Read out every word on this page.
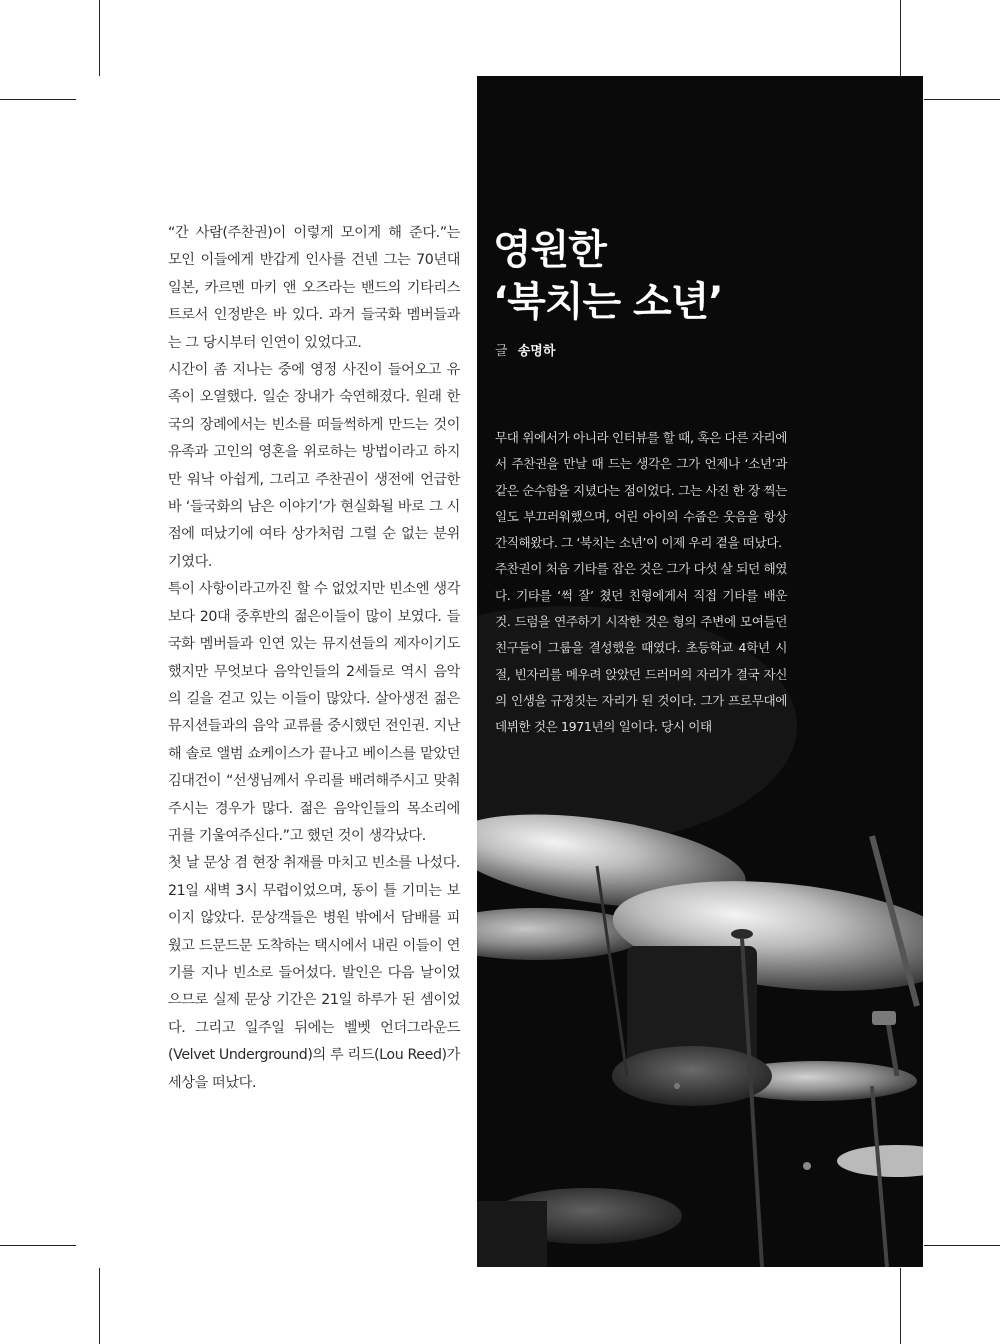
“간 사람(주찬권)이 이렇게 모이게 해 준다.”는 모인 이들에게 반갑게 인사를 건넨 그는 70년대 일본, 카르멘 마키 앤 오즈라는 밴드의 기타리스트로서 인정받은 바 있다. 과거 들국화 멤버들과는 그 당시부터 인연이 있었다고.

시간이 좀 지나는 중에 영정 사진이 들어오고 유족이 오열했다. 일순 장내가 숙연해졌다. 원래 한국의 장례에서는 빈소를 떠들썩하게 만드는 것이 유족과 고인의 영혼을 위로하는 방법이라고 하지만 워낙 아쉽게, 그리고 주찬권이 생전에 언급한 바 ‘들국화의 남은 이야기’가 현실화될 바로 그 시점에 떠났기에 여타 상가처럼 그럴 순 없는 분위기였다.

특이 사항이라고까진 할 수 없었지만 빈소엔 생각보다 20대 중후반의 젊은이들이 많이 보였다. 들국화 멤버들과 인연 있는 뮤지션들의 제자이기도 했지만 무엇보다 음악인들의 2세들로 역시 음악의 길을 걷고 있는 이들이 많았다. 살아생전 젊은 뮤지션들과의 음악 교류를 중시했던 전인권. 지난 해 솔로 앨범 쇼케이스가 끝나고 베이스를 맡았던 김대건이 “선생님께서 우리를 배려해주시고 맞춰주시는 경우가 많다. 젊은 음악인들의 목소리에 귀를 기울여주신다.”고 했던 것이 생각났다.

첫 날 문상 겸 현장 취재를 마치고 빈소를 나섰다. 21일 새벽 3시 무렵이었으며, 동이 틀 기미는 보이지 않았다. 문상객들은 병원 밖에서 담배를 피웠고 드문드문 도착하는 택시에서 내린 이들이 연기를 지나 빈소로 들어섰다. 발인은 다음 날이었으므로 실제 문상 기간은 21일 하루가 된 셈이었다. 그리고 일주일 뒤에는 벨벳 언더그라운드(Velvet Underground)의 루 리드(Lou Reed)가 세상을 떠났다.

영원한
‘북치는 소년’
글 송명하

무대 위에서가 아니라 인터뷰를 할 때, 혹은 다른 자리에서 주찬권을 만날 때 드는 생각은 그가 언제나 ‘소년’과 같은 순수함을 지녔다는 점이었다. 그는 사진 한 장 찍는 일도 부끄러워했으며, 어린 아이의 수줍은 웃음을 항상 간직해왔다. 그 ‘북치는 소년’이 이제 우리 곁을 떠났다.

주찬권이 처음 기타를 잡은 것은 그가 다섯 살 되던 해였다. 기타를 ‘썩 잘’ 쳤던 친형에게서 직접 기타를 배운 것. 드럼을 연주하기 시작한 것은 형의 주변에 모여들던 친구들이 그룹을 결성했을 때였다. 초등학교 4학년 시절, 빈자리를 메우려 앉았던 드러머의 자리가 결국 자신의 인생을 규정짓는 자리가 된 것이다. 그가 프로무대에 데뷔한 것은 1971년의 일이다. 당시 이태
